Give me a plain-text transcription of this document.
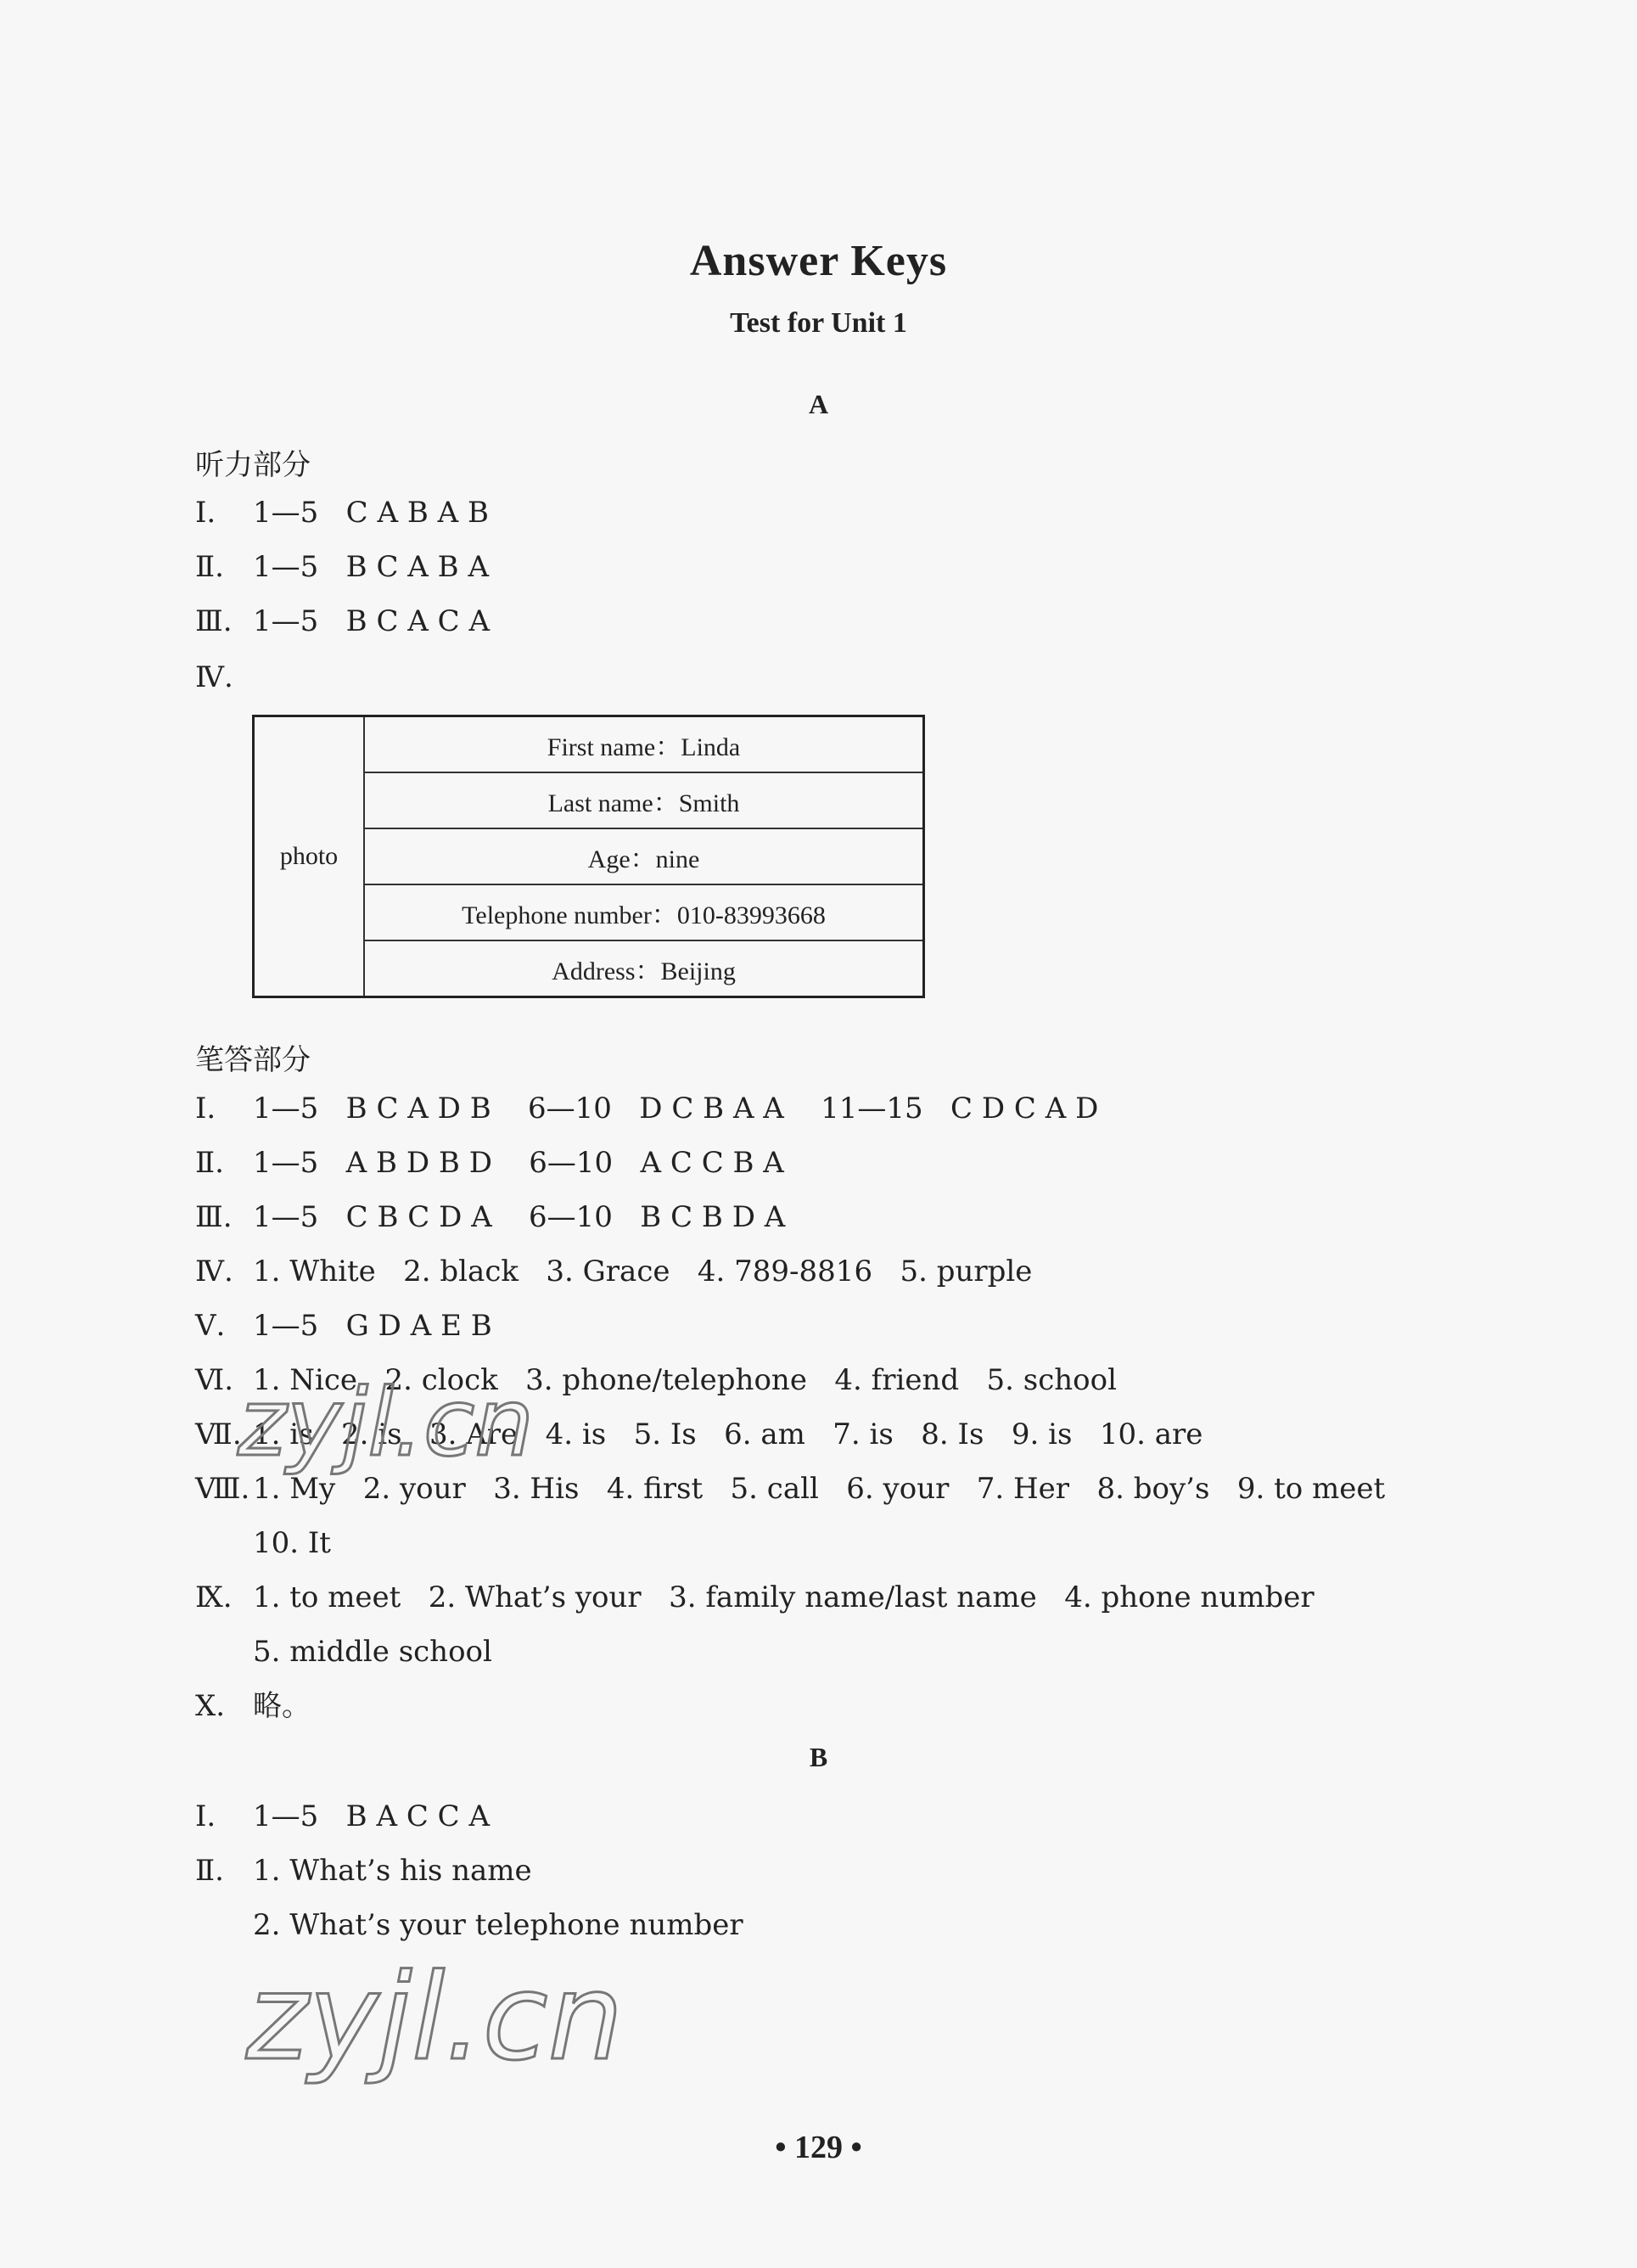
Answer Keys
Test for Unit 1
A
听力部分
Ⅰ. 1—5   C A B A B
Ⅱ. 1—5   B C A B A
Ⅲ. 1—5   B C A C A
Ⅳ.
photo	First name：Linda
Last name：Smith
Age：nine
Telephone number：010-83993668
Address：Beijing
笔答部分
Ⅰ. 1—5   B C A D B    6—10   D C B A A    11—15   C D C A D
Ⅱ. 1—5   A B D B D    6—10   A C C B A
Ⅲ. 1—5   C B C D A    6—10   B C B D A
Ⅳ. 1. White   2. black   3. Grace   4. 789-8816   5. purple
Ⅴ. 1—5   G D A E B
Ⅵ. 1. Nice   2. clock   3. phone/telephone   4. friend   5. school
Ⅶ. 1. is   2. is   3. Are   4. is   5. Is   6. am   7. is   8. Is   9. is   10. are
Ⅷ. 1. My   2. your   3. His   4. first   5. call   6. your   7. Her   8. boy’s   9. to meet
10. It
Ⅸ. 1. to meet   2. What’s your   3. family name/last name   4. phone number
5. middle school
Ⅹ. 略。
B
Ⅰ. 1—5   B A C C A
Ⅱ. 1. What’s his name
2. What’s your telephone number
zyjl.cn
zyjl.cn
• 129 •
